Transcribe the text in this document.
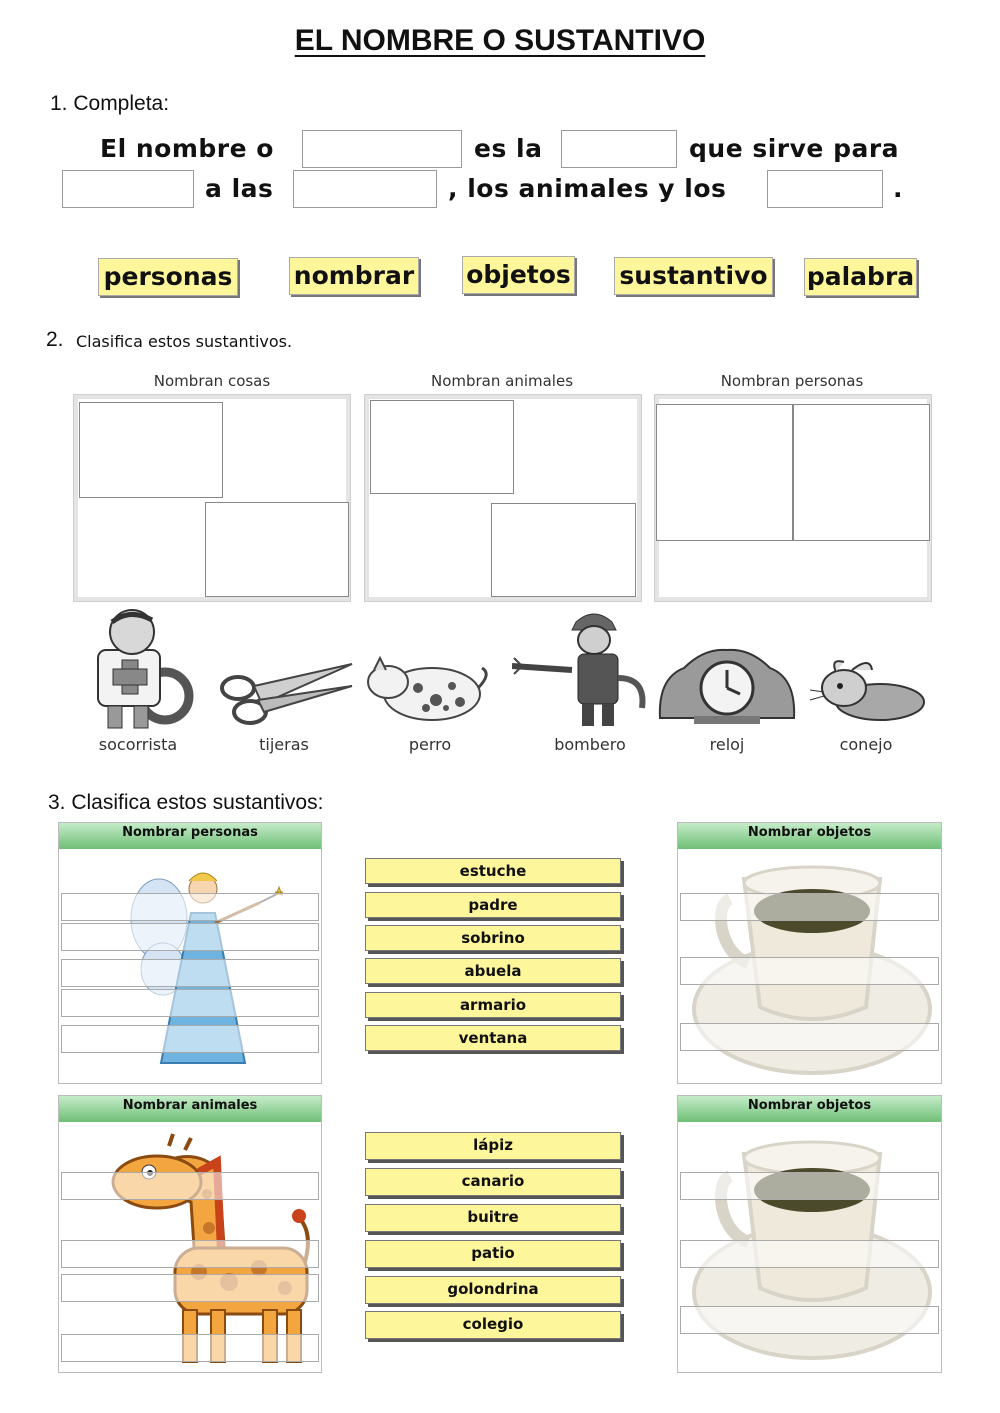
EL NOMBRE O SUSTANTIVO
1. Completa:
El nombre o	es la	que sirve para
a las	, los animales y los	.
personas nombrar objetos sustantivo palabra
2. Clasifica estos sustantivos.
Nombran cosas	Nombran animales	Nombran personas
socorrista	tijeras	perro	bombero	reloj	conejo
3. Clasifica estos sustantivos:
Nombrar personas	Nombrar objetos
estuche
padre
sobrino
abuela
armario
ventana
Nombrar animales	Nombrar objetos
lápiz
canario
buitre
patio
golondrina
colegio
